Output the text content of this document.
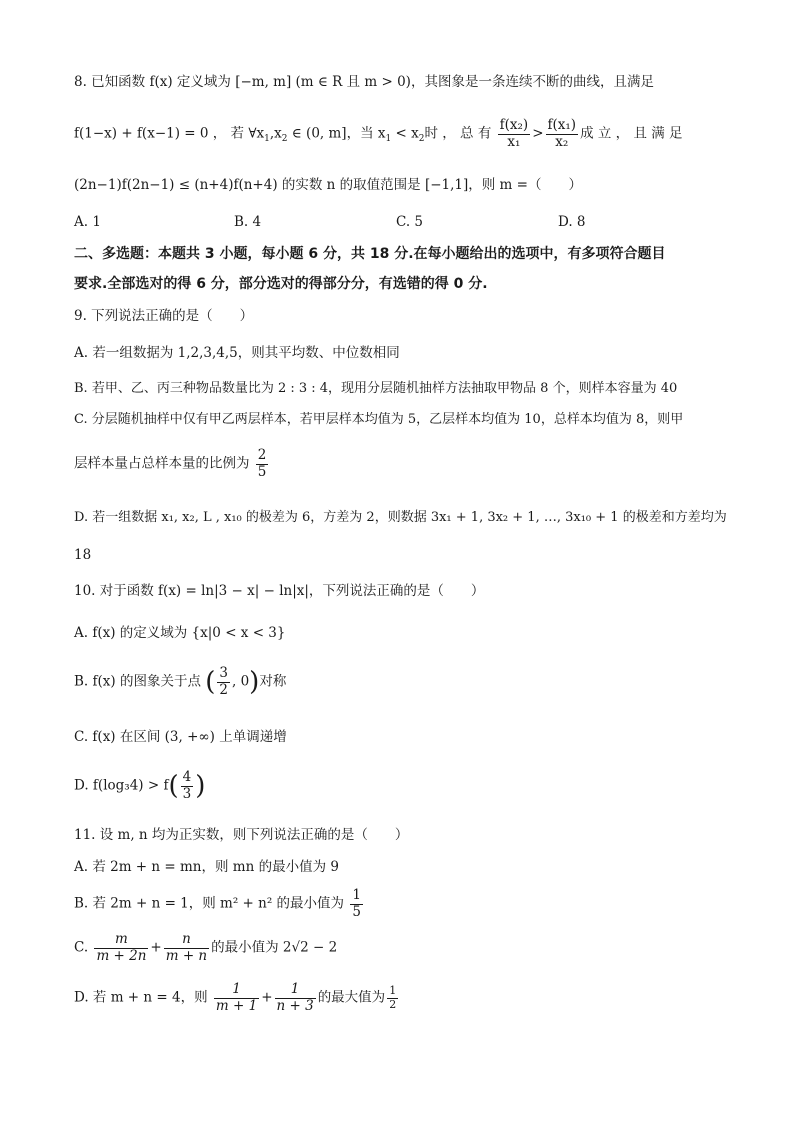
8. 已知函数 f(x) 定义域为 [−m, m] (m ∈ R 且 m > 0)，其图象是一条连续不断的曲线，且满足
f(1−x) + f(x−1) = 0 ， 若 $\forall x_1,x_2$ ∈ (0, m]，当 $x_1 < x_2$时 ， 总 有 $\frac{\text{f(x₂)}}{\text{x₁}} > \frac{\text{f(x₁)}}{\text{x₂}}$ 成 立 ， 且 满 足
(2n−1)f(2n−1) ≤ (n+4)f(n+4) 的实数 n 的取值范围是 [−1,1]，则 m =（　　）
A. 1	B. 4	C. 5	D. 8
二、多选题：本题共 3 小题，每小题 6 分，共 18 分.在每小题给出的选项中，有多项符合题目
要求.全部选对的得 6 分，部分选对的得部分分，有选错的得 0 分.
9. 下列说法正确的是（　　）
A. 若一组数据为 1,2,3,4,5，则其平均数、中位数相同
B. 若甲、乙、丙三种物品数量比为 2 : 3 : 4，现用分层随机抽样方法抽取甲物品 8 个，则样本容量为 40
C. 分层随机抽样中仅有甲乙两层样本，若甲层样本均值为 5，乙层样本均值为 10，总样本均值为 8，则甲
层样本量占总样本量的比例为 $\frac{2}{5}$
D. 若一组数据 x₁, x₂, L , x₁₀ 的极差为 6，方差为 2，则数据 3x₁ + 1, 3x₂ + 1, …, 3x₁₀ + 1 的极差和方差均为
18
10. 对于函数 f(x) = ln|3 − x| − ln|x|，下列说法正确的是（　　）
A. f(x) 的定义域为 {x|0 < x < 3}
B. f(x) 的图象关于点 ( $\frac{3}{2}$ , 0)对称
C. f(x) 在区间 (3, +∞) 上单调递增
D. $f(\log_34) > f( \frac{4}{3}$ )
11. 设 m, n 均为正实数，则下列说法正确的是（　　）
A. 若 2m + n = mn，则 mn 的最小值为 9
B. 若 2m + n = 1，则 m² + n² 的最小值为 $\frac{1}{5}$
C. $\frac{m}{m + 2n} + \frac{n}{m + n}$ 的最小值为 2√2 − 2
D. 若 m + n = 4，则 $\frac{1}{m + 1} + \frac{1}{n + 3}$ 的最大值为 $\frac{1}{2}$
